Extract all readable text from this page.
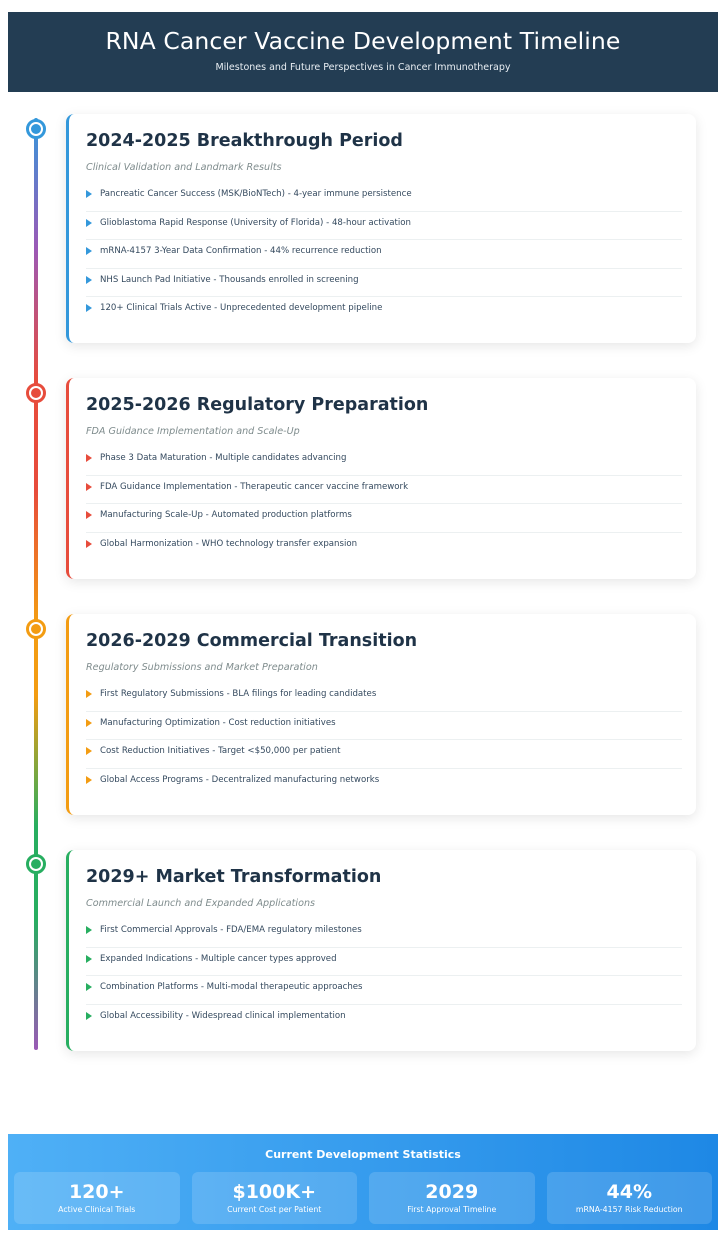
RNA Cancer Vaccine Development Timeline

Milestones and Future Perspectives in Cancer Immunotherapy

2024-2025 Breakthrough Period
Clinical Validation and Landmark Results
Pancreatic Cancer Success (MSK/BioNTech) - 4-year immune persistence
Glioblastoma Rapid Response (University of Florida) - 48-hour activation
mRNA-4157 3-Year Data Confirmation - 44% recurrence reduction
NHS Launch Pad Initiative - Thousands enrolled in screening
120+ Clinical Trials Active - Unprecedented development pipeline
2025-2026 Regulatory Preparation
FDA Guidance Implementation and Scale-Up
Phase 3 Data Maturation - Multiple candidates advancing
FDA Guidance Implementation - Therapeutic cancer vaccine framework
Manufacturing Scale-Up - Automated production platforms
Global Harmonization - WHO technology transfer expansion
2026-2029 Commercial Transition
Regulatory Submissions and Market Preparation
First Regulatory Submissions - BLA filings for leading candidates
Manufacturing Optimization - Cost reduction initiatives
Cost Reduction Initiatives - Target <$50,000 per patient
Global Access Programs - Decentralized manufacturing networks
2029+ Market Transformation
Commercial Launch and Expanded Applications
First Commercial Approvals - FDA/EMA regulatory milestones
Expanded Indications - Multiple cancer types approved
Combination Platforms - Multi-modal therapeutic approaches
Global Accessibility - Widespread clinical implementation
Current Development Statistics
120+
Active Clinical Trials
$100K+
Current Cost per Patient
2029
First Approval Timeline
44%
mRNA-4157 Risk Reduction
